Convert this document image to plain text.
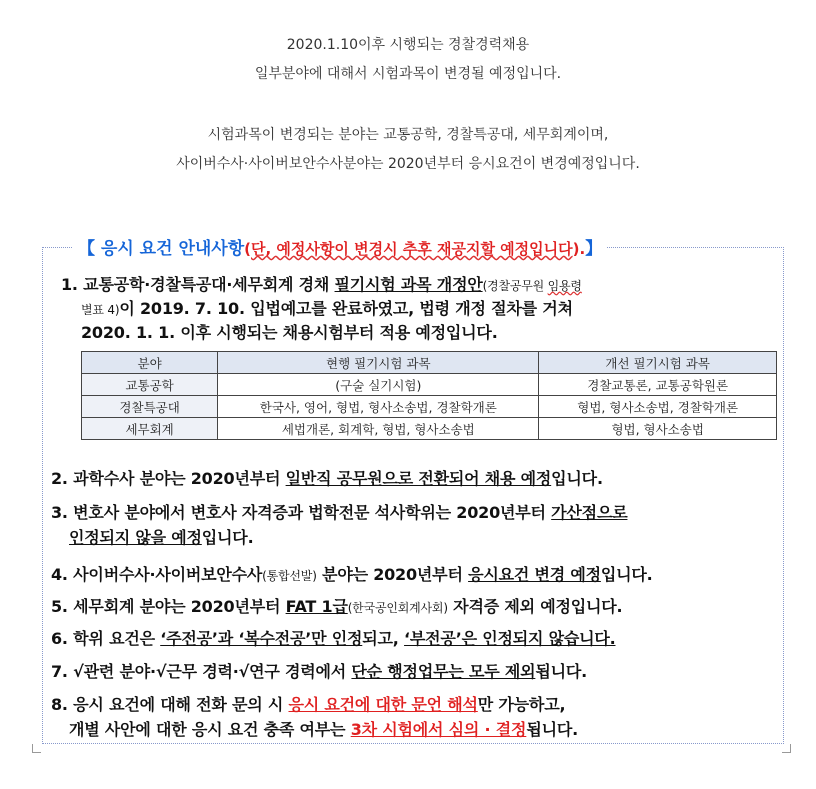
2020.1.10이후 시행되는 경찰경력채용
일부분야에 대해서 시험과목이 변경될 예정입니다.
시험과목이 변경되는 분야는 교통공학, 경찰특공대, 세무회계이며,
사이버수사·사이버보안수사분야는 2020년부터 응시요건이 변경예정입니다.
【 응시 요건 안내사항(단, 예정사항이 변경시 추후 재공지할 예정입니다).】
1. 교통공학·경찰특공대·세무회계 경채 필기시험 과목 개정안(경찰공무원 임용령
별표 4)이 2019. 7. 10. 입법예고를 완료하였고, 법령 개정 절차를 거쳐
2020. 1. 1. 이후 시행되는 채용시험부터 적용 예정입니다.
분야	현행 필기시험 과목	개선 필기시험 과목
교통공학	(구술 실기시험)	경찰교통론, 교통공학원론
경찰특공대	한국사, 영어, 형법, 형사소송법, 경찰학개론	형법, 형사소송법, 경찰학개론
세무회계	세법개론, 회계학, 형법, 형사소송법	형법, 형사소송법
2. 과학수사 분야는 2020년부터 일반직 공무원으로 전환되어 채용 예정입니다.
3. 변호사 분야에서 변호사 자격증과 법학전문 석사학위는 2020년부터 가산점으로
인정되지 않을 예정입니다.
4. 사이버수사·사이버보안수사(통합선발) 분야는 2020년부터 응시요건 변경 예정입니다.
5. 세무회계 분야는 2020년부터 FAT 1급(한국공인회계사회) 자격증 제외 예정입니다.
6. 학위 요건은 ‘주전공’과 ‘복수전공’만 인정되고, ‘부전공’은 인정되지 않습니다.
7. √관련 분야·√근무 경력·√연구 경력에서 단순 행정업무는 모두 제외됩니다.
8. 응시 요건에 대해 전화 문의 시 응시 요건에 대한 문언 해석만 가능하고,
개별 사안에 대한 응시 요건 충족 여부는 3차 시험에서 심의 · 결정됩니다.
